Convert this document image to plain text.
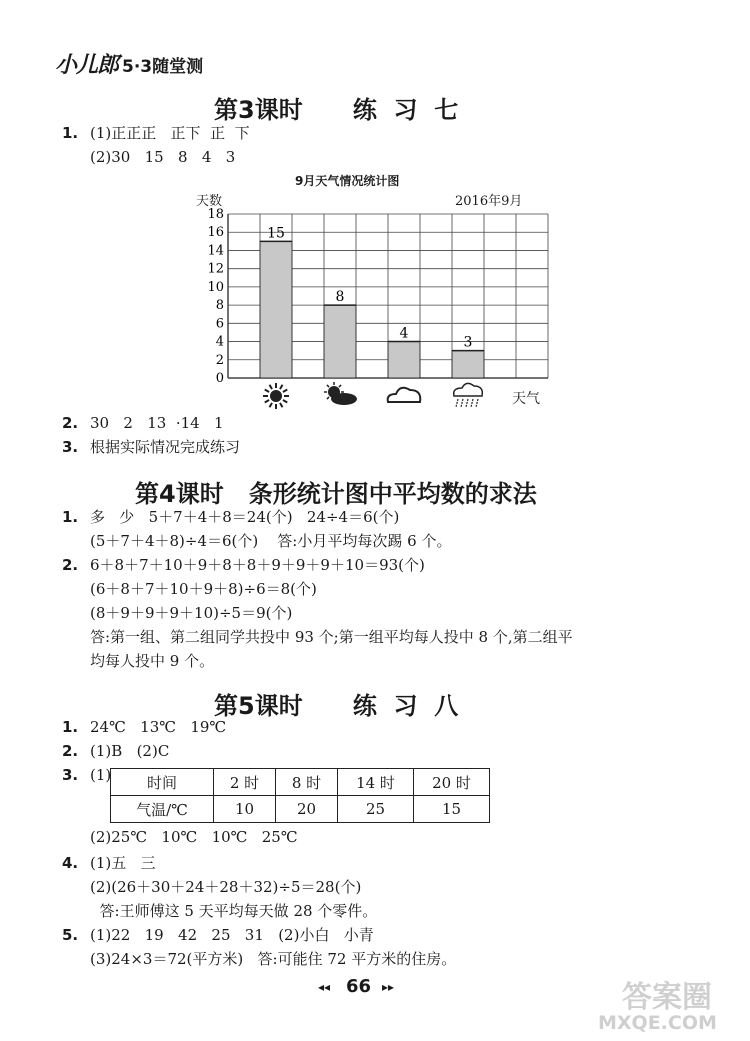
小儿郎 5·3随堂测
第3课时      练  习  七
1. (1)正正正   正下  正  下
(2)30   15   8   4   3
9月天气情况统计图
天数	2016年9月
0
2
4
6
8
10
12
14
16
18
15
8
4
3
天气
2. 30   2   13  ·14   1
3. 根据实际情况完成练习
第4课时   条形统计图中平均数的求法
1. 多   少   5＋7＋4＋8＝24(个)   24÷4＝6(个)
(5＋7＋4＋8)÷4＝6(个)    答:小月平均每次踢 6 个。
2. 6＋8＋7＋10＋9＋8＋8＋9＋9＋9＋10＝93(个)
(6＋8＋7＋10＋9＋8)÷6＝8(个)
(8＋9＋9＋9＋10)÷5＝9(个)
答:第一组、第二组同学共投中 93 个;第一组平均每人投中 8 个,第二组平
均每人投中 9 个。
第5课时      练  习  八
1. 24℃   13℃   19℃
2. (1)B   (2)C
3. (1) 时间	2 时	8 时	14 时	20 时
气温/℃	10	20	25	15
(2)25℃   10℃   10℃   25℃
4. (1)五   三
(2)(26＋30＋24＋28＋32)÷5＝28(个)
答:王师傅这 5 天平均每天做 28 个零件。
5. (1)22   19   42   25   31   (2)小白   小青
(3)24×3＝72(平方米)   答:可能住 72 平方米的住房。
◂◂ 66 ▸▸	答案圈
MXQE.COM
